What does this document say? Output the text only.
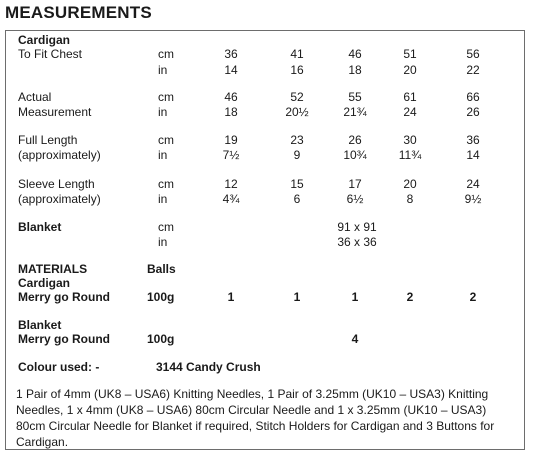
MEASUREMENTS
Cardigan
To Fit Chest	cm	36	41	46	51	56
in	14	16	18	20	22
Actual
Measurement
cm	46	52	55	61	66
in	18	20½	21¾	24	26
Full Length
(approximately)
cm	19	23	26	30	36
in	7½	9	10¾	11¾	14
Sleeve Length
(approximately)
cm	12	15	17	20	24
in	4¾	6	6½	8	9½
Blanket	cm	91 x 91
in	36 x 36
MATERIALS	Balls
Cardigan
Merry go Round	100g	1	1	1	2	2
Blanket
Merry go Round	100g	4
Colour used: -	3144 Candy Crush
1 Pair of 4mm (UK8 – USA6) Knitting Needles, 1 Pair of 3.25mm (UK10 – USA3) Knitting Needles, 1 x 4mm (UK8 – USA6) 80cm Circular Needle and 1 x 3.25mm (UK10 – USA3) 80cm Circular Needle for Blanket if required, Stitch Holders for Cardigan and 3 Buttons for Cardigan.
